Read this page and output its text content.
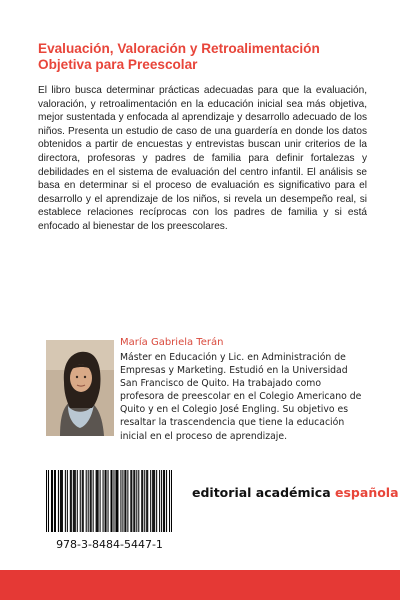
Evaluación, Valoración y Retroalimentación
Objetiva para Preescolar

El libro busca determinar prácticas adecuadas para que la evaluación,
valoración, y retroalimentación en la educación inicial sea más objetiva,
mejor sustentada y enfocada al aprendizaje y desarrollo adecuado de los
niños. Presenta un estudio de caso de una guardería en donde los datos
obtenidos a partir de encuestas y entrevistas buscan unir criterios de la
directora, profesoras y padres de familia para definir fortalezas y
debilidades en el sistema de evaluación del centro infantil. El análisis se
basa en determinar si el proceso de evaluación es significativo para el
desarrollo y el aprendizaje de los niños, si revela un desempeño real, si
establece relaciones recíprocas con los padres de familia y si está
enfocado al bienestar de los preescolares.

María Gabriela Terán

Máster en Educación y Lic. en Administración de
Empresas y Marketing. Estudió en la Universidad
San Francisco de Quito. Ha trabajado como
profesora de preescolar en el Colegio Americano de
Quito y en el Colegio José Engling. Su objetivo es
resaltar la trascendencia que tiene la educación
inicial en el proceso de aprendizaje.

978-3-8484-5447-1

editorial académica española
